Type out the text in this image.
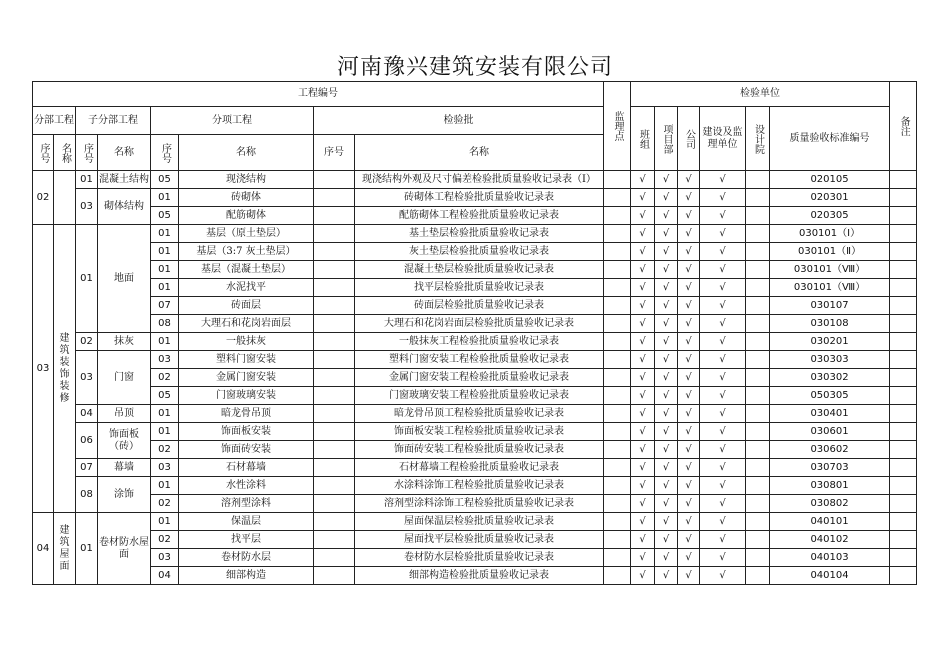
河南豫兴建筑安装有限公司
工程编号								监理点	检验单位						备注
分部工程		子分部工程		分项工程		检验批			班组	项目部	公司	建设及监理单位	设计院	质量验收标准编号	
序号	名称	序号	名称	序号	名称	序号	名称								
02		01	混凝土结构	05	现浇结构		现浇结构外观及尺寸偏差检验批质量验收记录表（Ⅰ）		√	√	√	√		020105	
		03	砌体结构	01	砖砌体		砖砌体工程检验批质量验收记录表		√	√	√	√		020301	
				05	配筋砌体		配筋砌体工程检验批质量验收记录表		√	√	√	√		020305	
03	建筑装饰装修	01	地面	01	基层（原土垫层）		基土垫层检验批质量验收记录表		√	√	√	√		030101（Ⅰ）	
				01	基层（3:7 灰土垫层）		灰土垫层检验批质量验收记录表		√	√	√	√		030101（Ⅱ）	
				01	基层（混凝土垫层）		混凝土垫层检验批质量验收记录表		√	√	√	√		030101（Ⅷ）	
				01	水泥找平		找平层检验批质量验收记录表		√	√	√	√		030101（Ⅷ）	
				07	砖面层		砖面层检验批质量验收记录表		√	√	√	√		030107	
				08	大理石和花岗岩面层		大理石和花岗岩面层检验批质量验收记录表		√	√	√	√		030108	
		02	抹灰	01	一般抹灰		一般抹灰工程检验批质量验收记录表		√	√	√	√		030201	
		03	门窗	03	塑料门窗安装		塑料门窗安装工程检验批质量验收记录表		√	√	√	√		030303	
				02	金属门窗安装		金属门窗安装工程检验批质量验收记录表		√	√	√	√		030302	
				05	门窗玻璃安装		门窗玻璃安装工程检验批质量验收记录表		√	√	√	√		050305	
		04	吊顶	01	暗龙骨吊顶		暗龙骨吊顶工程检验批质量验收记录表		√	√	√	√		030401	
		06	饰面板（砖）	01	饰面板安装		饰面板安装工程检验批质量验收记录表		√	√	√	√		030601	
				02	饰面砖安装		饰面砖安装工程检验批质量验收记录表		√	√	√	√		030602	
		07	幕墙	03	石材幕墙		石材幕墙工程检验批质量验收记录表		√	√	√	√		030703	
		08	涂饰	01	水性涂料		水涂料涂饰工程检验批质量验收记录表		√	√	√	√		030801	
				02	溶剂型涂料		溶剂型涂料涂饰工程检验批质量验收记录表		√	√	√	√		030802	
04	建筑屋面	01	卷材防水屋面	01	保温层		屋面保温层检验批质量验收记录表		√	√	√	√		040101	
				02	找平层		屋面找平层检验批质量验收记录表		√	√	√	√		040102	
				03	卷材防水层		卷材防水层检验批质量验收记录表		√	√	√	√		040103	
				04	细部构造		细部构造检验批质量验收记录表		√	√	√	√		040104	
